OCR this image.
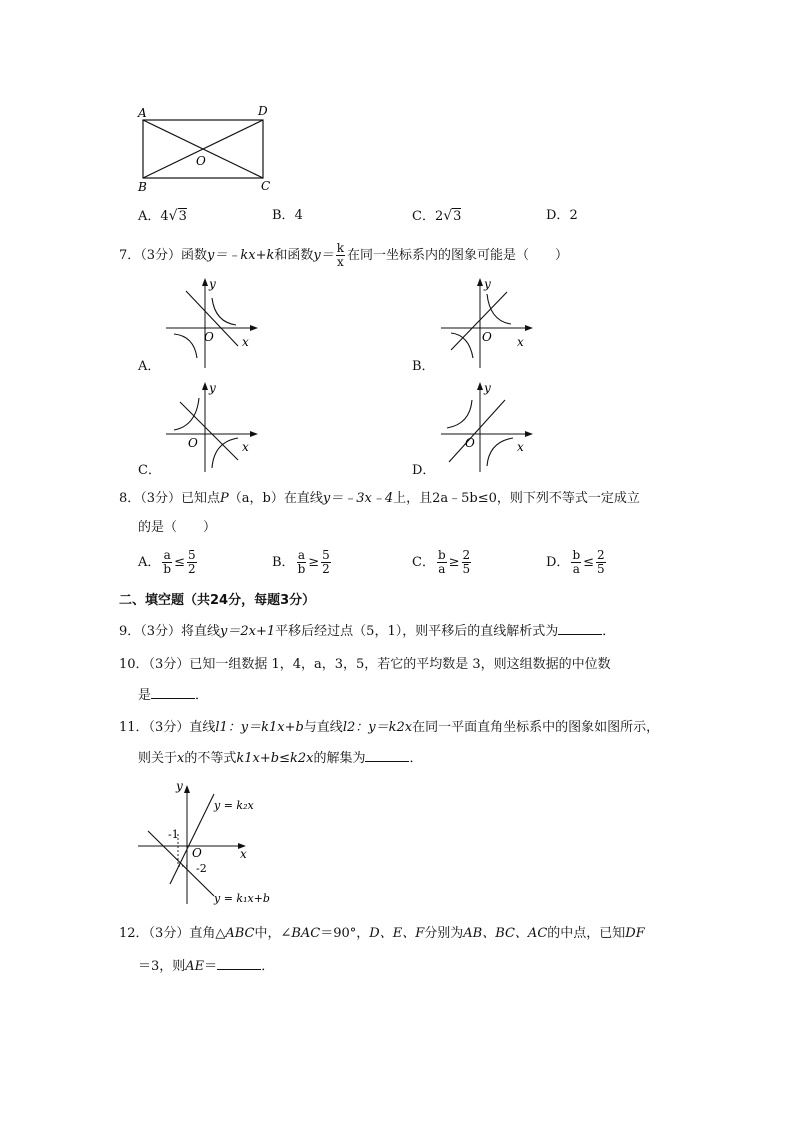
A	D
B	C
O
A．4√3	B．4	C．2√3	D．2
7．（3分）函数y＝﹣kx+k和函数$y= \frac{k}{x}$ 在同一坐标系内的图象可能是（　　）
y
O x
A．
y
O x
B．
y
O	x
C．
y
O	x
D．
8．（3分）已知点P（a，b）在直线y＝﹣3x﹣4上，且2a﹣5b≤0，则下列不等式一定成立
的是（　　）
A． $\frac{a}{b} \le \frac{5}{2}$	B． $\frac{a}{b} \ge \frac{5}{2}$	C． $\frac{b}{a} \ge \frac{2}{5}$	D． $\frac{b}{a} \le \frac{2}{5}$
二、填空题（共24分，每题3分）
9．（3分）将直线y＝2x+1平移后经过点（5，1），则平移后的直线解析式为	．
10．（3分）已知一组数据 1，4，a，3，5，若它的平均数是 3，则这组数据的中位数
是	．
11．（3分）直线l1：y＝k1x+b与直线l2：y＝k2x在同一平面直角坐标系中的图象如图所示，
则关于x的不等式k1x+b≤k2x的解集为	．
y
x
O
-1
-2
y = k₂x
y = k₁x+b
12．（3分）直角△ABC中，∠BAC＝90°，D、E、F分别为AB、BC、AC的中点，已知DF
＝3，则AE＝	．
